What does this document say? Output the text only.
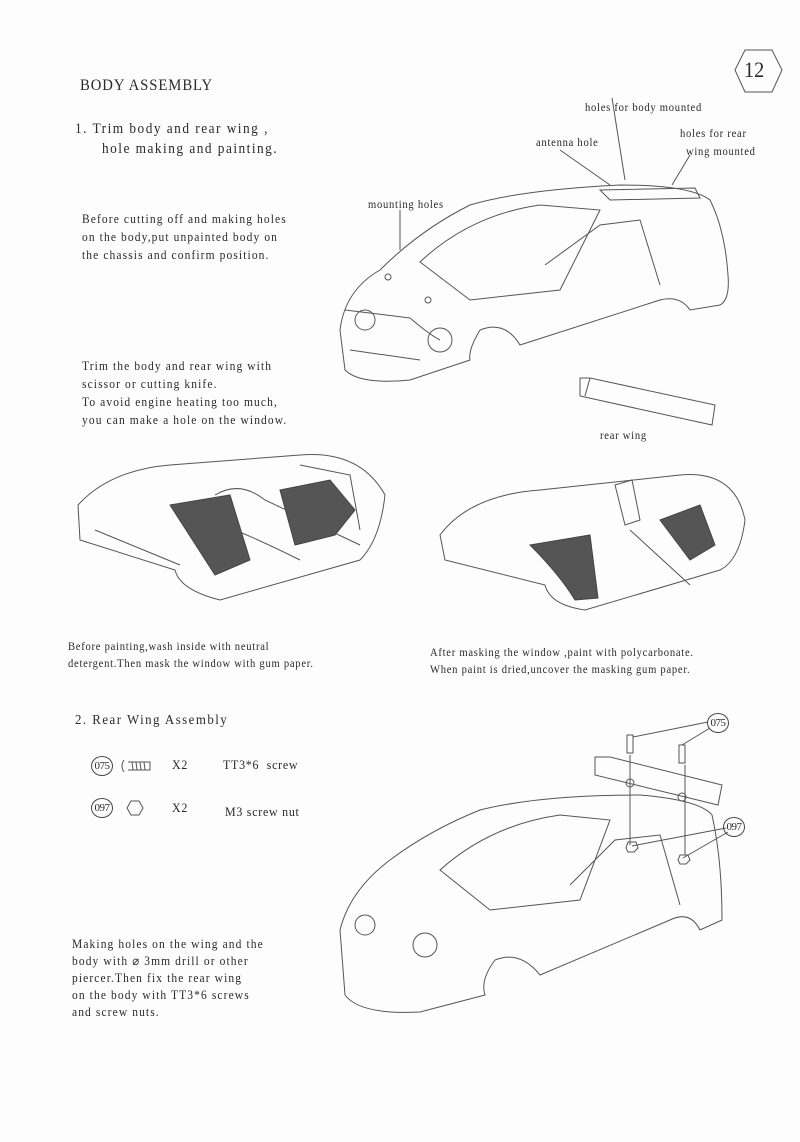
12
BODY ASSEMBLY
1. Trim body and rear wing ,
hole making and painting.
holes for body mounted
antenna hole
holes for rear
wing mounted
mounting holes
rear wing
Before cutting off and making holes
on the body,put unpainted body on
the chassis and confirm position.
Trim the body and rear wing with
scissor or cutting knife.
To avoid engine heating too much,
you can make a hole on the window.
Before painting,wash inside with neutral
detergent.Then mask the window with gum paper.
After masking the window ,paint with polycarbonate.
When paint is dried,uncover the masking gum paper.
2. Rear Wing Assembly
075	X2	TT3*6  screw
097	X2	M3 screw nut
075
097
Making holes on the wing and the
body with ⌀ 3mm drill or other
piercer.Then fix the rear wing
on the body with TT3*6 screws
and screw nuts.
